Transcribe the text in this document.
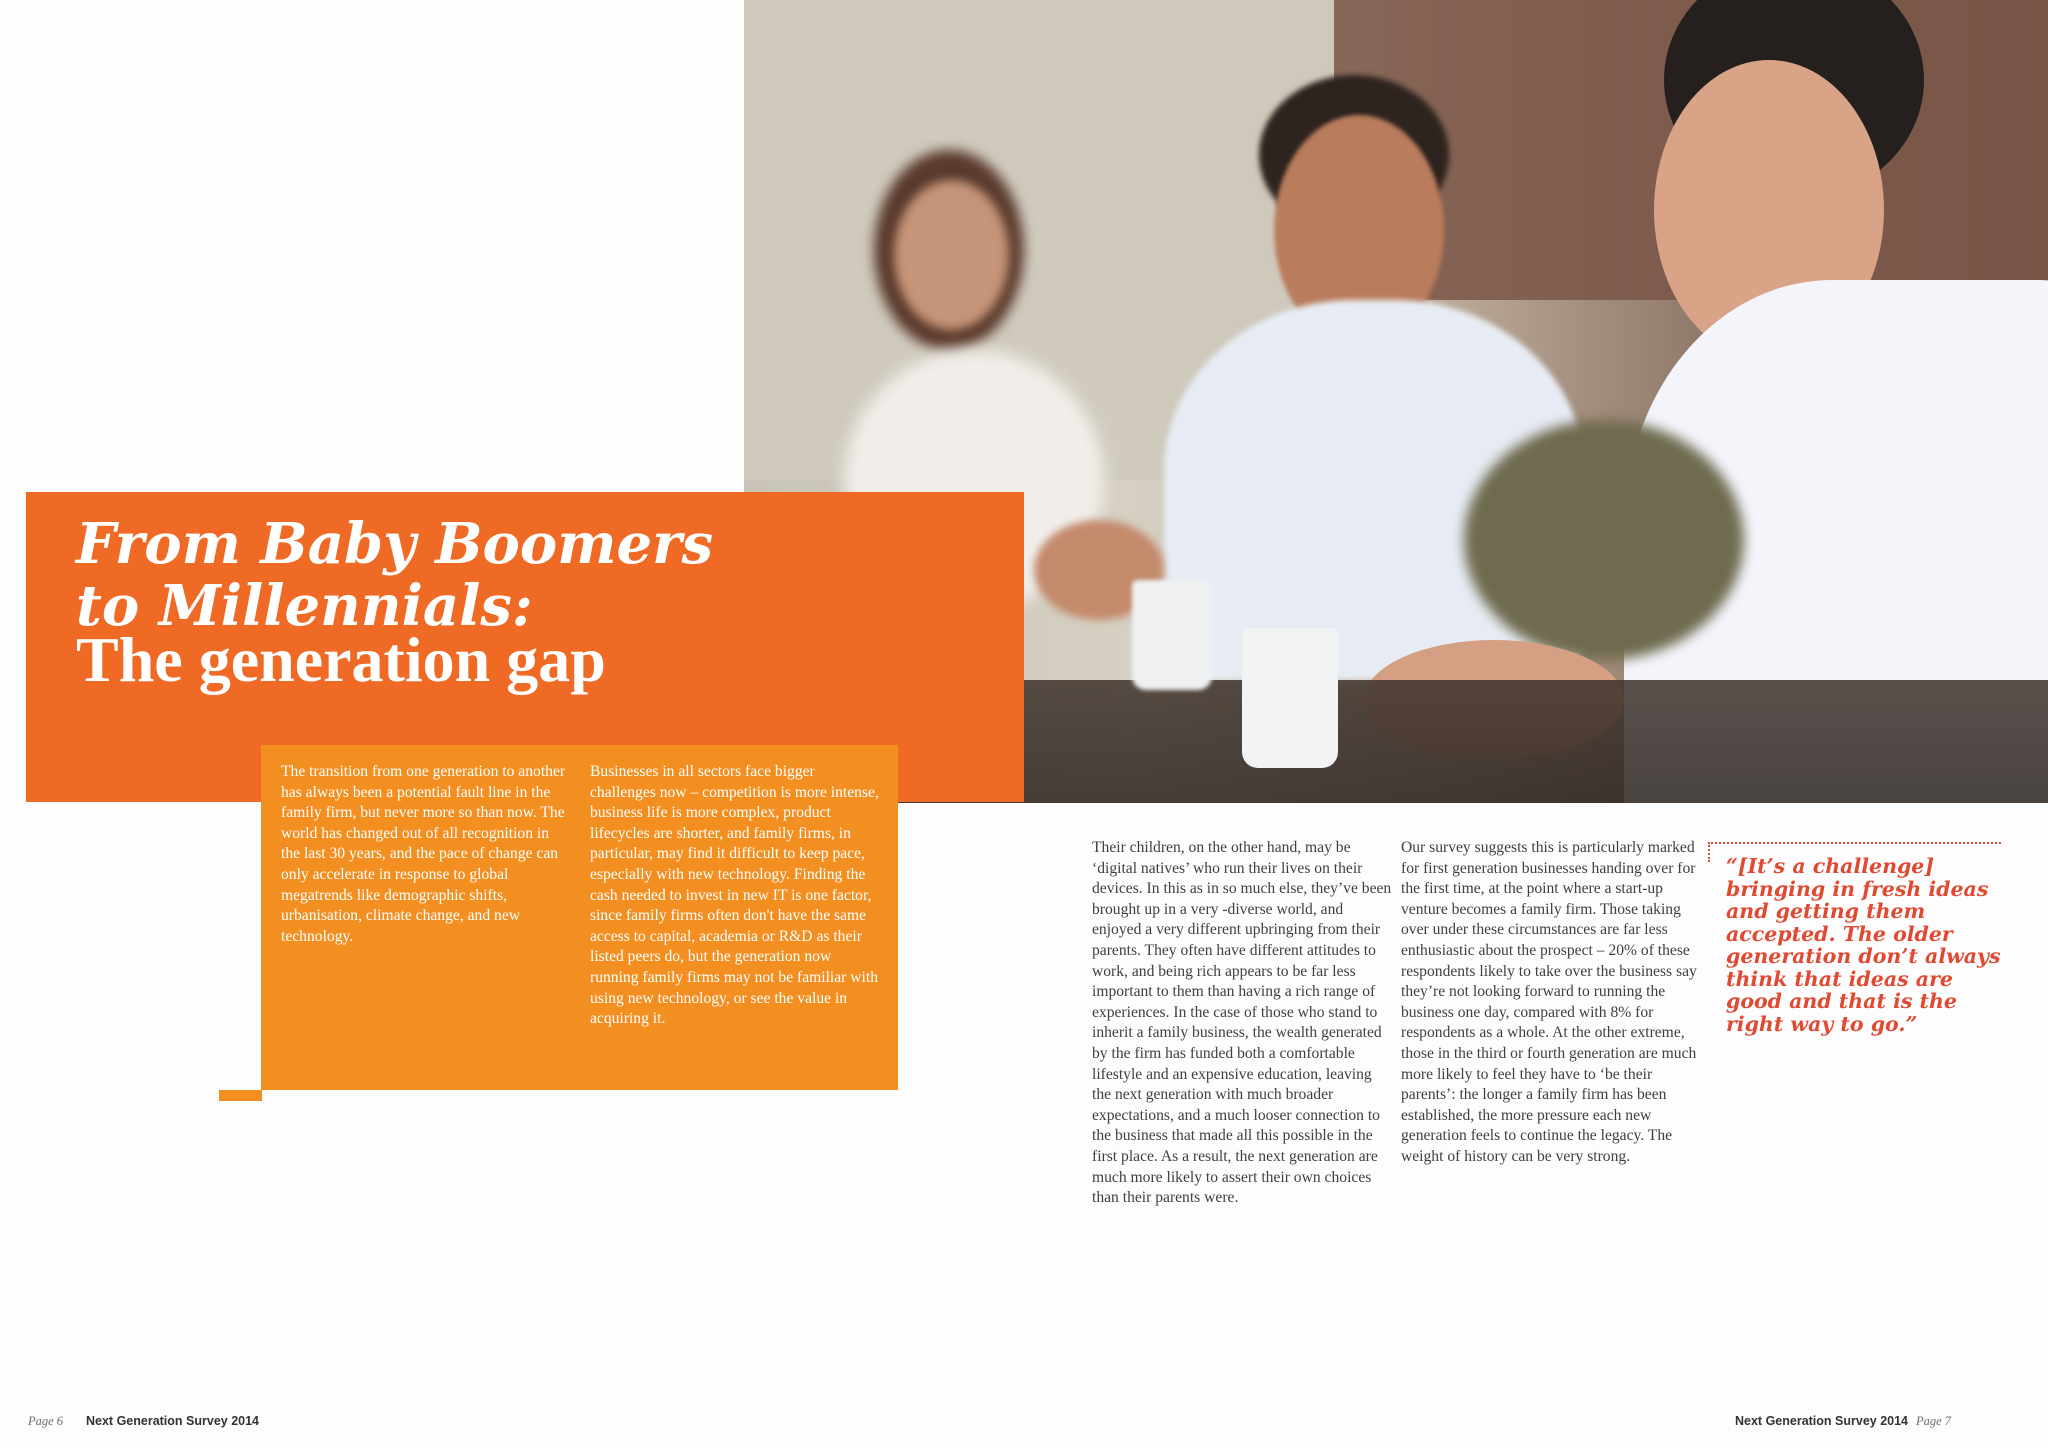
From Baby Boomers
to Millennials:
The generation gap

The transition from one generation to another has always been a potential fault line in the family firm, but never more so than now. The world has changed out of all recognition in the last 30 years, and the pace of change can only accelerate in response to global megatrends like demographic shifts, urbanisation, climate change, and new technology.

Businesses in all sectors face bigger challenges now – competition is more intense, business life is more complex, product lifecycles are shorter, and family firms, in particular, may find it difficult to keep pace, especially with new technology. Finding the cash needed to invest in new IT is one factor, since family firms often don't have the same access to capital, academia or R&D as their listed peers do, but the generation now running family firms may not be familiar with using new technology, or see the value in acquiring it.

Their children, on the other hand, may be ‘digital natives’ who run their lives on their devices. In this as in so much else, they’ve been brought up in a very -diverse world, and enjoyed a very different upbringing from their parents. They often have different attitudes to work, and being rich appears to be far less important to them than having a rich range of experiences. In the case of those who stand to inherit a family business, the wealth generated by the firm has funded both a comfortable lifestyle and an expensive education, leaving the next generation with much broader expectations, and a much looser connection to the business that made all this possible in the first place. As a result, the next generation are much more likely to assert their own choices than their parents were.

Our survey suggests this is particularly marked for first generation businesses handing over for the first time, at the point where a start-up venture becomes a family firm. Those taking over under these circumstances are far less enthusiastic about the prospect – 20% of these respondents likely to take over the business say they’re not looking forward to running the business one day, compared with 8% for respondents as a whole. At the other extreme, those in the third or fourth generation are much more likely to feel they have to ‘be their parents’: the longer a family firm has been established, the more pressure each new generation feels to continue the legacy. The weight of history can be very strong.

“[It’s a challenge] bringing in fresh ideas and getting them accepted. The older generation don’t always think that ideas are good and that is the right way to go.”

Page 6 Next Generation Survey 2014	Next Generation Survey 2014 Page 7
